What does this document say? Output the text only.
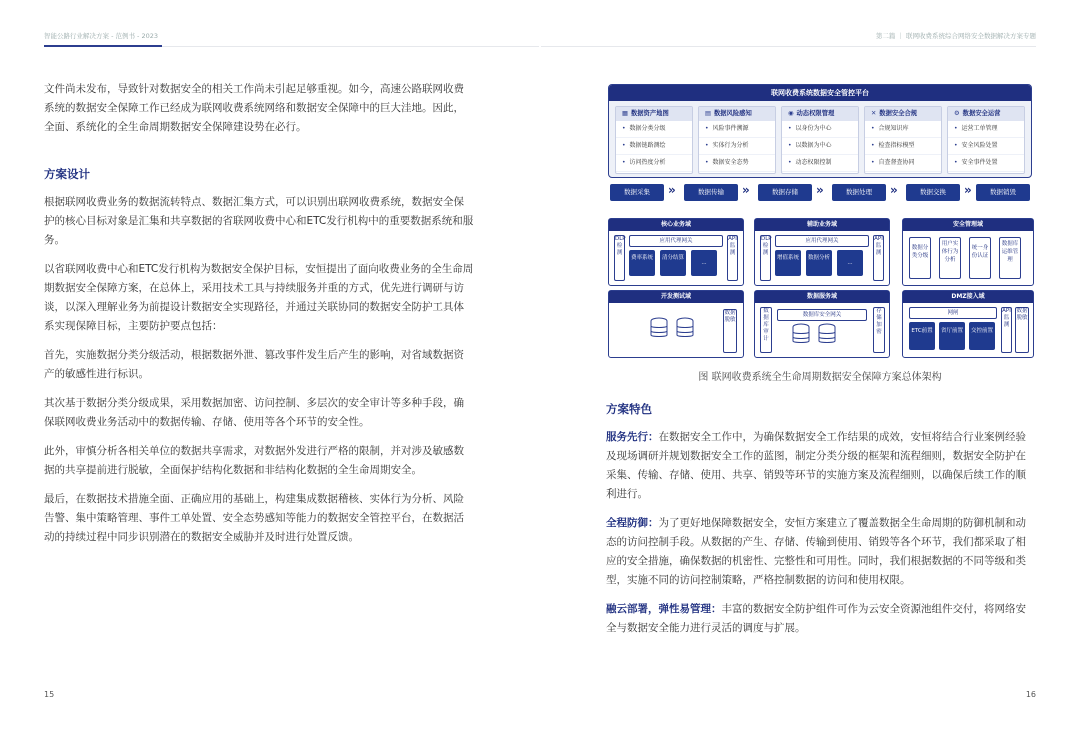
智能公路行业解决方案 - 范例书 - 2023	第二篇 ｜ 联网收费系统综合网络安全数据解决方案专题

文件尚未发布，导致针对数据安全的相关工作尚未引起足够重视。如今，高速公路联网收费系统的数据安全保障工作已经成为联网收费系统网络和数据安全保障中的巨大洼地。因此，全面、系统化的全生命周期数据安全保障建设势在必行。

方案设计

根据联网收费业务的数据流转特点、数据汇集方式，可以识别出联网收费系统，数据安全保护的核心目标对象是汇集和共享数据的省联网收费中心和ETC发行机构中的重要数据系统和服务。

以省联网收费中心和ETC发行机构为数据安全保护目标，安恒提出了面向收费业务的全生命周期数据安全保障方案，在总体上，采用技术工具与持续服务并重的方式，优先进行调研与访谈，以深入理解业务为前提设计数据安全实现路径，并通过关联协同的数据安全防护工具体系实现保障目标，主要防护要点包括：

首先，实施数据分类分级活动，根据数据外泄、篡改事件发生后产生的影响，对省域数据资产的敏感性进行标识。

其次基于数据分类分级成果，采用数据加密、访问控制、多层次的安全审计等多种手段，确保联网收费业务活动中的数据传输、存储、使用等各个环节的安全性。

此外，审慎分析各相关单位的数据共享需求，对数据外发进行严格的限制，并对涉及敏感数据的共享提前进行脱敏，全面保护结构化数据和非结构化数据的全生命周期安全。

最后，在数据技术措施全面、正确应用的基础上，构建集成数据稽核、实体行为分析、风险告警、集中策略管理、事件工单处置、安全态势感知等能力的数据安全管控平台，在数据活动的持续过程中同步识别潜在的数据安全威胁并及时进行处置反馈。

15
联网收费系统数据安全管控平台
▦ 数据资产地图
• 数据分类分级
• 数据链路测绘
• 访问热度分析
▤ 数据风险感知
• 风险事件溯源
• 实体行为分析
• 数据安全态势
◉ 动态权限管理
• 以身份为中心
• 以数据为中心
• 动态权限控制
✕ 数据安全合规
• 合规知识库
• 检查指标模型
• 自查督查协同
⚙ 数据安全运营
• 运营工单管理
• 安全风险处置
• 安全事件处置
数据采集	»	数据传输	»	数据存储	»	数据处理	»	数据交换	»	数据销毁
核心业务域
DLP检测
应用代理网关
费率系统	清分结算
...
API监测
辅助业务域
DLP检测
应用代理网关
增值系统	数据分析
...
API监测
安全管理域
数据分类分级
用户实体行为分析
统一身份认证
数据库运维管理
开发测试域
数据脱敏
数据服务域
数据库审计
数据库安全网关
存储加密
DMZ接入域
网闸
ETC前置	省厅前置	交控前置
API监测
数据脱敏
图 联网收费系统全生命周期数据安全保障方案总体架构

方案特色

服务先行：在数据安全工作中，为确保数据安全工作结果的成效，安恒将结合行业案例经验及现场调研并规划数据安全工作的蓝图，制定分类分级的框架和流程细则，数据安全防护在采集、传输、存储、使用、共享、销毁等环节的实施方案及流程细则，以确保后续工作的顺利进行。

全程防御：为了更好地保障数据安全，安恒方案建立了覆盖数据全生命周期的防御机制和动态的访问控制手段。从数据的产生、存储、传输到使用、销毁等各个环节，我们都采取了相应的安全措施，确保数据的机密性、完整性和可用性。同时，我们根据数据的不同等级和类型，实施不同的访问控制策略，严格控制数据的访问和使用权限。

融云部署，弹性易管理：丰富的数据安全防护组件可作为云安全资源池组件交付，将网络安全与数据安全能力进行灵活的调度与扩展。

16
